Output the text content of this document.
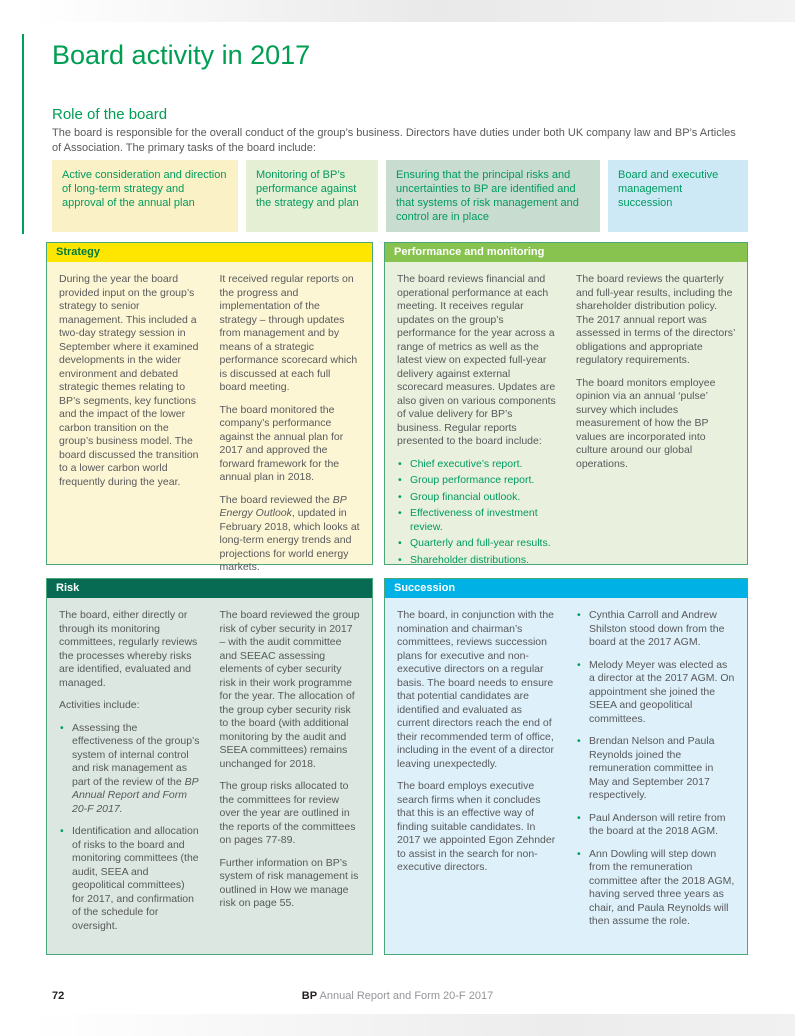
Board activity in 2017
Role of the board

The board is responsible for the overall conduct of the group’s business. Directors have duties under both UK company law and BP’s Articles of Association. The primary tasks of the board include:

Active consideration and direction of long-term strategy and approval of the annual plan
Monitoring of BP’s performance against the strategy and plan
Ensuring that the principal risks and uncertainties to BP are identified and that systems of risk management and control are in place
Board and executive management succession
Strategy

During the year the board provided input on the group’s strategy to senior management. This included a two-day strategy session in September where it examined developments in the wider environment and debated strategic themes relating to BP’s segments, key functions and the impact of the lower carbon transition on the group’s business model. The board discussed the transition to a lower carbon world frequently during the year.

It received regular reports on the progress and implementation of the strategy – through updates from management and by means of a strategic performance scorecard which is discussed at each full board meeting.

The board monitored the company’s performance against the annual plan for 2017 and approved the forward framework for the annual plan in 2018.

The board reviewed the BP Energy Outlook, updated in February 2018, which looks at long-term energy trends and projections for world energy markets.

Performance and monitoring

The board reviews financial and operational performance at each meeting. It receives regular updates on the group’s performance for the year across a range of metrics as well as the latest view on expected full-year delivery against external scorecard measures. Updates are also given on various components of value delivery for BP’s business. Regular reports presented to the board include:

• Chief executive’s report.
• Group performance report.
• Group financial outlook.
• Effectiveness of investment review.
• Quarterly and full-year results.
• Shareholder distributions.

The board reviews the quarterly and full-year results, including the shareholder distribution policy. The 2017 annual report was assessed in terms of the directors’ obligations and appropriate regulatory requirements.

The board monitors employee opinion via an annual ‘pulse’ survey which includes measurement of how the BP values are incorporated into culture around our global operations.

Risk

The board, either directly or through its monitoring committees, regularly reviews the processes whereby risks are identified, evaluated and managed.

Activities include:

• Assessing the effectiveness of the group’s system of internal control and risk management as part of the review of the BP Annual Report and Form 20-F 2017.
• Identification and allocation of risks to the board and monitoring committees (the audit, SEEA and geopolitical committees) for 2017, and confirmation of the schedule for oversight.

The board reviewed the group risk of cyber security in 2017 – with the audit committee and SEEAC assessing elements of cyber security risk in their work programme for the year. The allocation of the group cyber security risk to the board (with additional monitoring by the audit and SEEA committees) remains unchanged for 2018.

The group risks allocated to the committees for review over the year are outlined in the reports of the committees on pages 77-89.

Further information on BP’s system of risk management is outlined in How we manage risk on page 55.

Succession

The board, in conjunction with the nomination and chairman’s committees, reviews succession plans for executive and non-executive directors on a regular basis. The board needs to ensure that potential candidates are identified and evaluated as current directors reach the end of their recommended term of office, including in the event of a director leaving unexpectedly.

The board employs executive search firms when it concludes that this is an effective way of finding suitable candidates. In 2017 we appointed Egon Zehnder to assist in the search for non-executive directors.

• Cynthia Carroll and Andrew Shilston stood down from the board at the 2017 AGM.
• Melody Meyer was elected as a director at the 2017 AGM. On appointment she joined the SEEA and geopolitical committees.
• Brendan Nelson and Paula Reynolds joined the remuneration committee in May and September 2017 respectively.
• Paul Anderson will retire from the board at the 2018 AGM.
• Ann Dowling will step down from the remuneration committee after the 2018 AGM, having served three years as chair, and Paula Reynolds will then assume the role.
72	BP Annual Report and Form 20-F 2017
